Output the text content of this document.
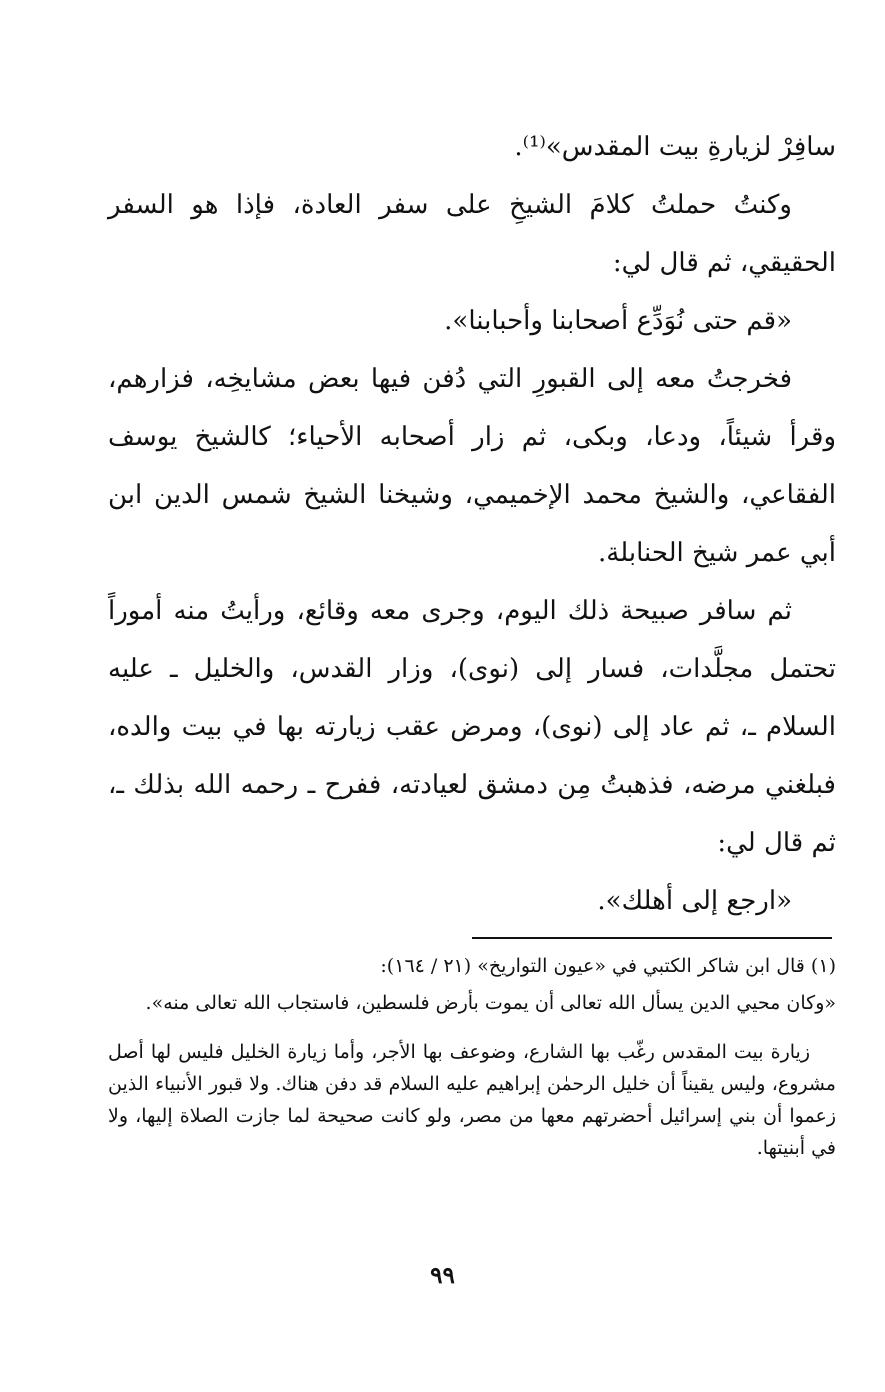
سافِرْ لزيارةِ بيت المقدس»⁽¹⁾.

وكنتُ حملتُ كلامَ الشيخِ على سفر العادة، فإذا هو السفر الحقيقي، ثم قال لي:

«قم حتى نُوَدِّع أصحابنا وأحبابنا».

فخرجتُ معه إلى القبورِ التي دُفن فيها بعض مشايخِه، فزارهم، وقرأ شيئاً، ودعا، وبكى، ثم زار أصحابه الأحياء؛ كالشيخ يوسف الفقاعي، والشيخ محمد الإخميمي، وشيخنا الشيخ شمس الدين ابن أبي عمر شيخ الحنابلة.

ثم سافر صبيحة ذلك اليوم، وجرى معه وقائع، ورأيتُ منه أموراً تحتمل مجلَّدات، فسار إلى (نوى)، وزار القدس، والخليل ـ عليه السلام ـ، ثم عاد إلى (نوى)، ومرض عقب زيارته بها في بيت والده، فبلغني مرضه، فذهبتُ مِن دمشق لعيادته، ففرح ـ رحمه الله بذلك ـ، ثم قال لي:

«ارجع إلى أهلك».

(١) قال ابن شاكر الكتبي في «عيون التواريخ» (٢١ / ١٦٤):

«وكان محيي الدين يسأل الله تعالى أن يموت بأرض فلسطين، فاستجاب الله تعالى منه».

زيارة بيت المقدس رغّب بها الشارع، وضوعف بها الأجر، وأما زيارة الخليل فليس لها أصل مشروع، وليس يقيناً أن خليل الرحمٰن إبراهيم عليه السلام قد دفن هناك. ولا قبور الأنبياء الذين زعموا أن بني إسرائيل أحضرتهم معها من مصر، ولو كانت صحيحة لما جازت الصلاة إليها، ولا في أبنيتها.

٩٩
